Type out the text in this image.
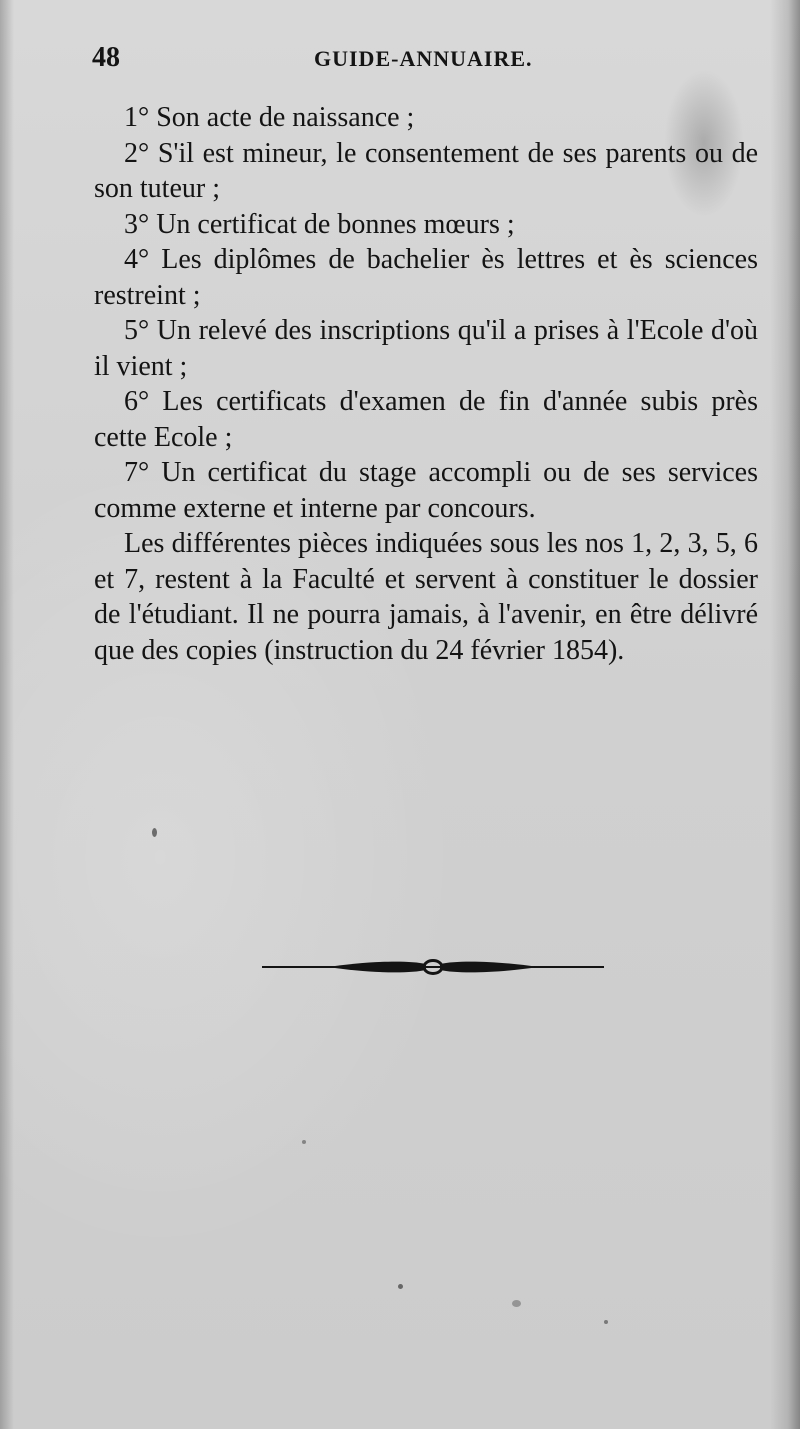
48	GUIDE-ANNUAIRE.

1° Son acte de naissance ;

2° S'il est mineur, le consentement de ses parents ou de son tuteur ;

3° Un certificat de bonnes mœurs ;

4° Les diplômes de bachelier ès lettres et ès sciences restreint ;

5° Un relevé des inscriptions qu'il a prises à l'Ecole d'où il vient ;

6° Les certificats d'examen de fin d'année subis près cette Ecole ;

7° Un certificat du stage accompli ou de ses services comme externe et interne par concours.

Les différentes pièces indiquées sous les nos 1, 2, 3, 5, 6 et 7, restent à la Faculté et servent à constituer le dossier de l'étudiant. Il ne pourra jamais, à l'avenir, en être délivré que des copies (instruction du 24 février 1854).
